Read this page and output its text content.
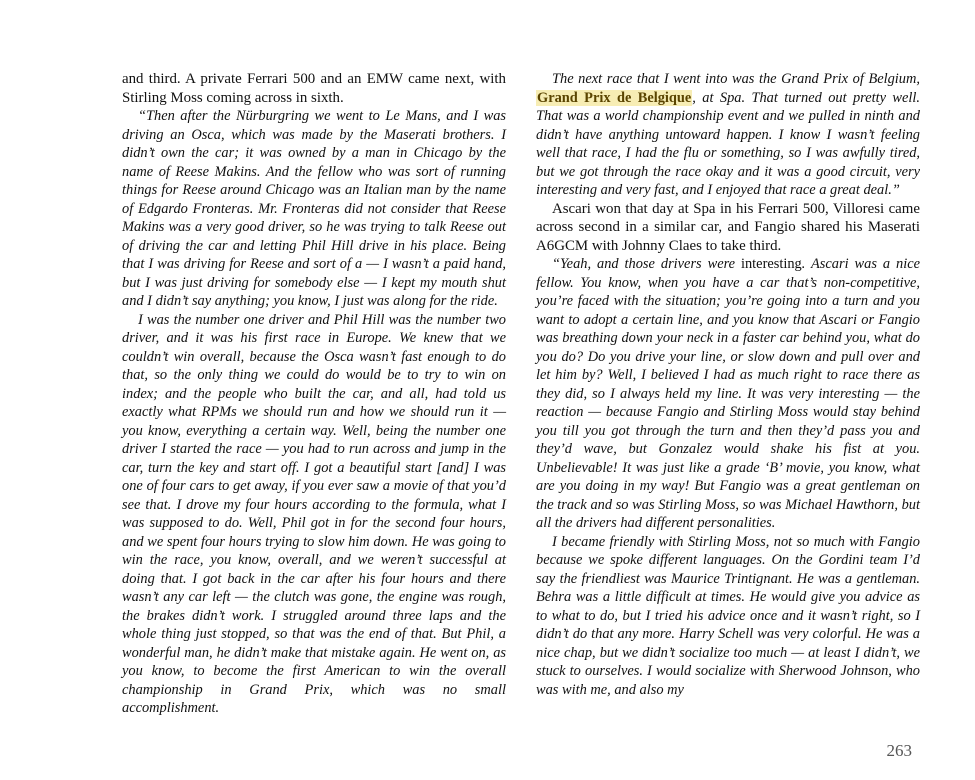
and third. A private Ferrari 500 and an EMW came next, with Stirling Moss coming across in sixth.

“Then after the Nürburgring we went to Le Mans, and I was driving an Osca, which was made by the Maserati brothers. I didn’t own the car; it was owned by a man in Chicago by the name of Reese Makins. And the fellow who was sort of running things for Reese around Chicago was an Italian man by the name of Edgardo Fronteras. Mr. Fronteras did not consider that Reese Makins was a very good driver, so he was trying to talk Reese out of driving the car and letting Phil Hill drive in his place. Being that I was driving for Reese and sort of a — I wasn’t a paid hand, but I was just driving for somebody else — I kept my mouth shut and I didn’t say anything; you know, I just was along for the ride.

I was the number one driver and Phil Hill was the number two driver, and it was his first race in Europe. We knew that we couldn’t win overall, because the Osca wasn’t fast enough to do that, so the only thing we could do would be to try to win on index; and the people who built the car, and all, had told us exactly what RPMs we should run and how we should run it — you know, everything a certain way. Well, being the number one driver I started the race — you had to run across and jump in the car, turn the key and start off. I got a beautiful start [and] I was one of four cars to get away, if you ever saw a movie of that you’d see that. I drove my four hours according to the formula, what I was supposed to do. Well, Phil got in for the second four hours, and we spent four hours trying to slow him down. He was going to win the race, you know, overall, and we weren’t successful at doing that. I got back in the car after his four hours and there wasn’t any car left — the clutch was gone, the engine was rough, the brakes didn’t work. I struggled around three laps and the whole thing just stopped, so that was the end of that. But Phil, a wonderful man, he didn’t make that mistake again. He went on, as you know, to become the first American to win the overall championship in Grand Prix, which was no small accomplishment.

The next race that I went into was the Grand Prix of Belgium, Grand Prix de Belgique, at Spa. That turned out pretty well. That was a world championship event and we pulled in ninth and didn’t have anything untoward happen. I know I wasn’t feeling well that race, I had the flu or something, so I was awfully tired, but we got through the race okay and it was a good circuit, very interesting and very fast, and I enjoyed that race a great deal.”

Ascari won that day at Spa in his Ferrari 500, Villoresi came across second in a similar car, and Fangio shared his Maserati A6GCM with Johnny Claes to take third.

“Yeah, and those drivers were interesting. Ascari was a nice fellow. You know, when you have a car that’s non-competitive, you’re faced with the situation; you’re going into a turn and you want to adopt a certain line, and you know that Ascari or Fangio was breathing down your neck in a faster car behind you, what do you do? Do you drive your line, or slow down and pull over and let him by? Well, I believed I had as much right to race there as they did, so I always held my line. It was very interesting — the reaction — because Fangio and Stirling Moss would stay behind you till you got through the turn and then they’d pass you and they’d wave, but Gonzalez would shake his fist at you. Unbelievable! It was just like a grade ‘B’ movie, you know, what are you doing in my way! But Fangio was a great gentleman on the track and so was Stirling Moss, so was Michael Hawthorn, but all the drivers had different personalities.

I became friendly with Stirling Moss, not so much with Fangio because we spoke different languages. On the Gordini team I’d say the friendliest was Maurice Trintignant. He was a gentleman. Behra was a little difficult at times. He would give you advice as to what to do, but I tried his advice once and it wasn’t right, so I didn’t do that any more. Harry Schell was very colorful. He was a nice chap, but we didn’t socialize too much — at least I didn’t, we stuck to ourselves. I would socialize with Sherwood Johnson, who was with me, and also my

263
